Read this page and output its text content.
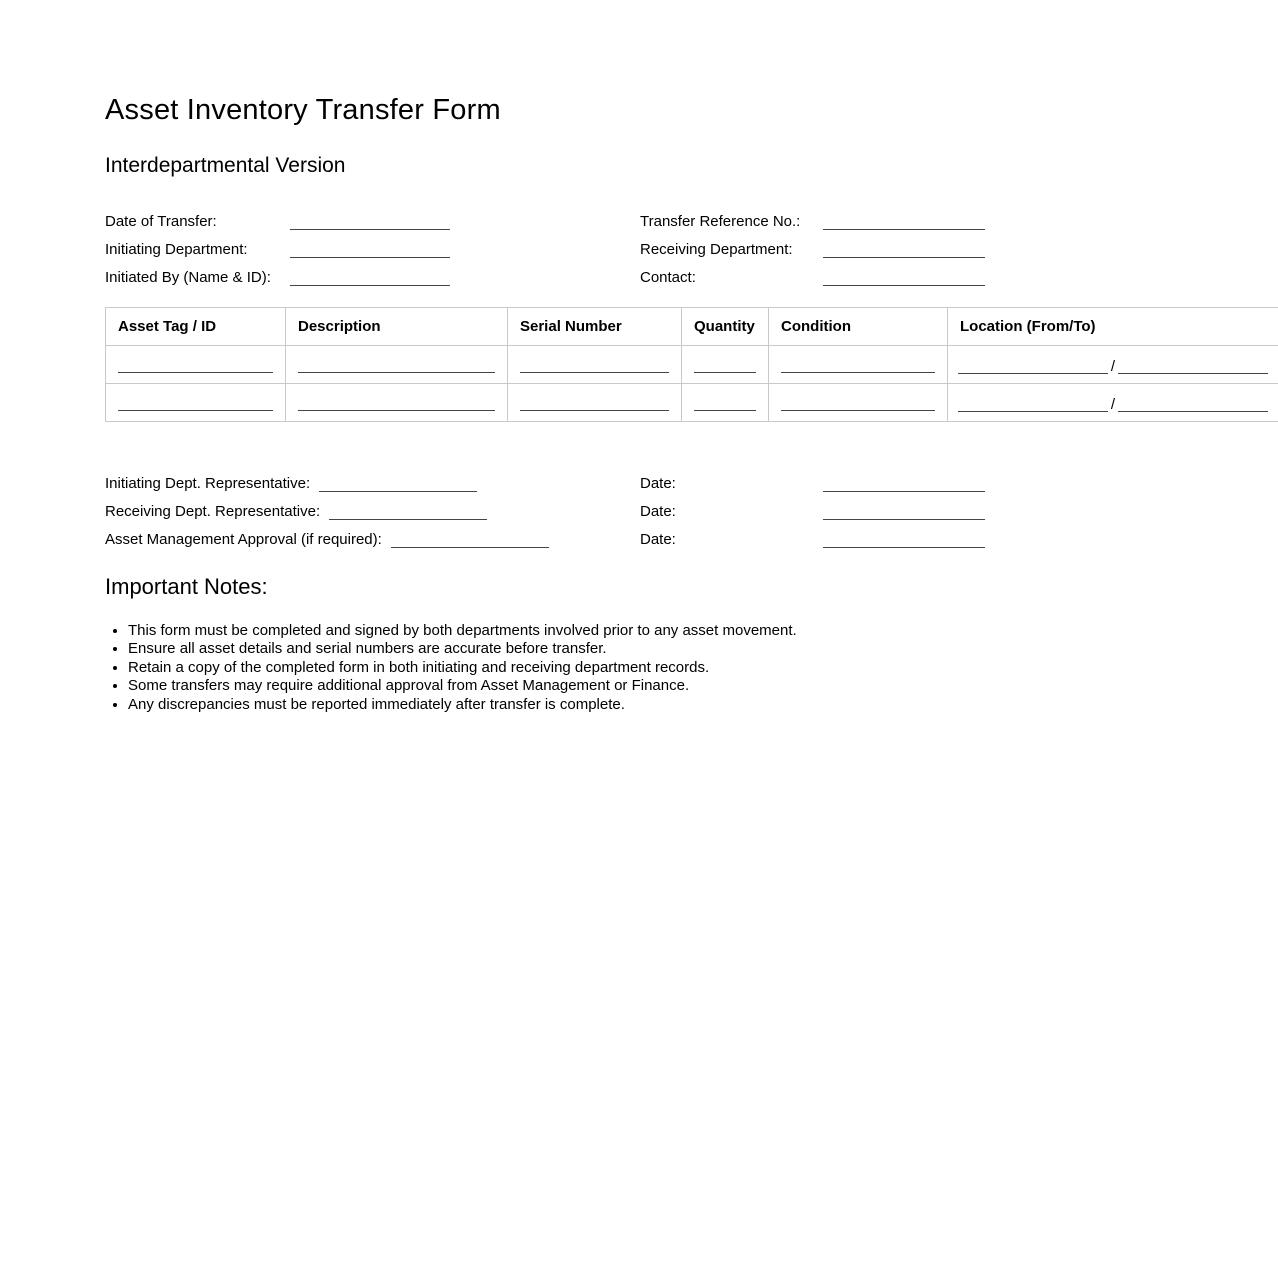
Asset Inventory Transfer Form
Interdepartmental Version
Date of Transfer:	Transfer Reference No.:
Initiating Department:	Receiving Department:
Initiated By (Name & ID):	Contact:
Asset Tag / ID	Description	Serial Number	Quantity	Condition	Location (From/To)

					/

					/
Initiating Dept. Representative:	Date:
Receiving Dept. Representative:	Date:
Asset Management Approval (if required):	Date:
Important Notes:
• This form must be completed and signed by both departments involved prior to any asset movement.
• Ensure all asset details and serial numbers are accurate before transfer.
• Retain a copy of the completed form in both initiating and receiving department records.
• Some transfers may require additional approval from Asset Management or Finance.
• Any discrepancies must be reported immediately after transfer is complete.
